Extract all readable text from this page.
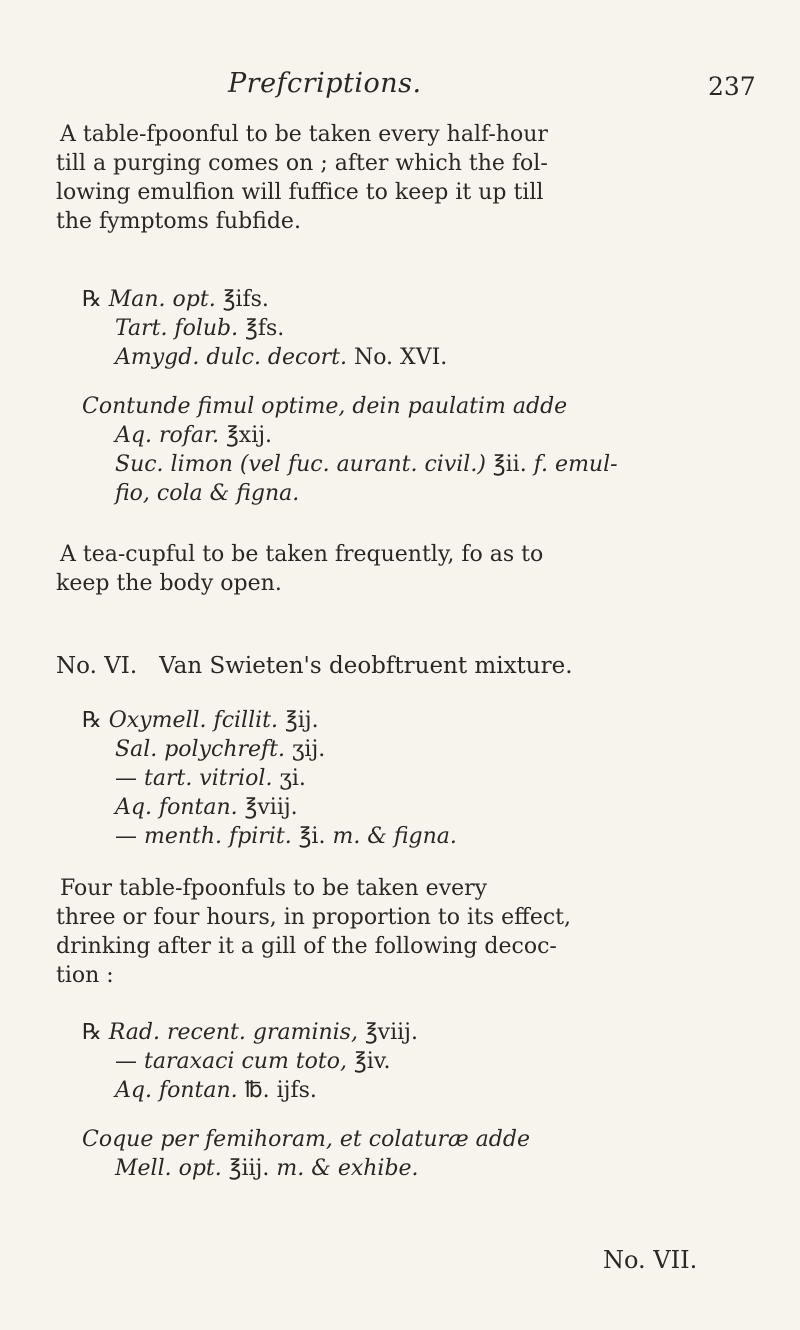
Prefcriptions.	237
A table-fpoonful to be taken every half-hour
till a purging comes on ; after which the fol-
lowing emulfion will fuffice to keep it up till
the fymptoms fubfide.
℞ Man. opt. ℥ifs.
Tart. folub. ℥fs.
Amygd. dulc. decort. No. XVI.
Contunde fimul optime, dein paulatim adde
Aq. rofar. ℥xij.
Suc. limon (vel fuc. aurant. civil.) ℥ii. f. emul-
fio, cola & figna.
A tea-cupful to be taken frequently, fo as to
keep the body open.
No. VI.   Van Swieten's deobftruent mixture.
℞ Oxymell. fcillit. ℥ij.
Sal. polychreft. ʒij.
— tart. vitriol. ʒi.
Aq. fontan. ℥viij.
— menth. fpirit. ℥i. m. & figna.
Four table-fpoonfuls to be taken every
three or four hours, in proportion to its effect,
drinking after it a gill of the following decoc-
tion :
℞ Rad. recent. graminis, ℥viij.
— taraxaci cum toto, ℥iv.
Aq. fontan. ℔. ijfs.
Coque per femihoram, et colaturæ adde
Mell. opt. ℥iij. m. & exhibe.
No. VII.
